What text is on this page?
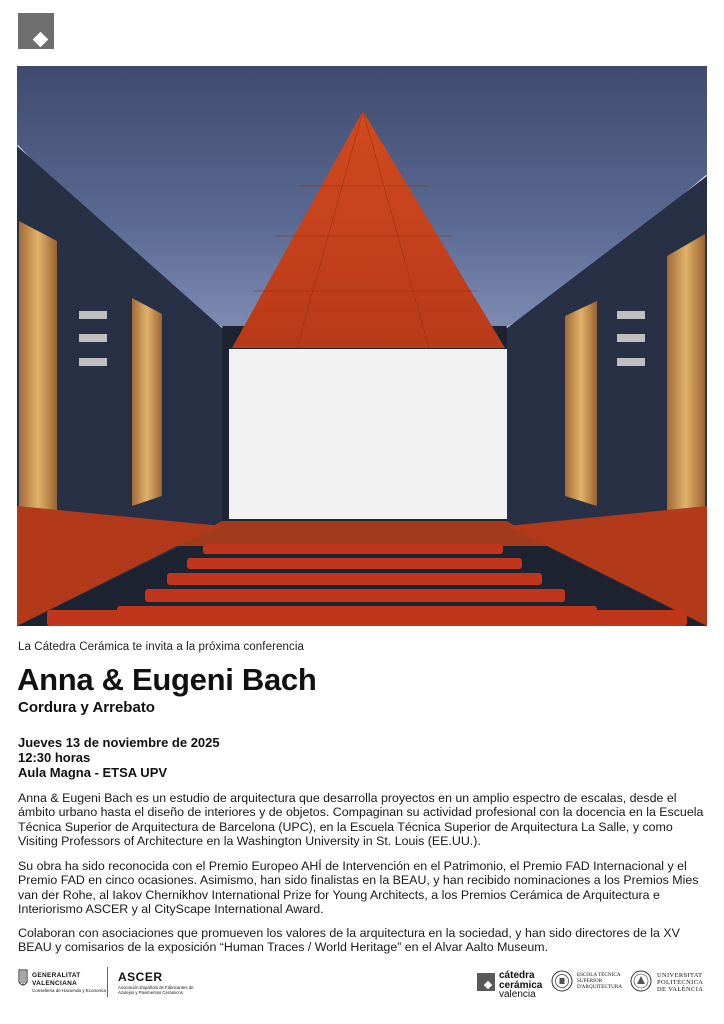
La Cátedra Cerámica te invita a la próxima conferencia
Anna & Eugeni Bach
Cordura y Arrebato
Jueves 13 de noviembre de 2025
12:30 horas
Aula Magna - ETSA UPV

Anna & Eugeni Bach es un estudio de arquitectura que desarrolla proyectos en un amplio espectro de escalas, desde el ámbito urbano hasta el diseño de interiores y de objetos. Compaginan su actividad profesional con la docencia en la Escuela Técnica Superior de Arquitectura de Barcelona (UPC), en la Escuela Técnica Superior de Arquitectura La Salle, y como Visiting Professors of Architecture en la Washington University in St. Louis (EE.UU.).

Su obra ha sido reconocida con el Premio Europeo AHÍ de Intervención en el Patrimonio, el Premio FAD Internacional y el Premio FAD en cinco ocasiones. Asimismo, han sido finalistas en la BEAU, y han recibido nominaciones a los Premios Mies van der Rohe, al Iakov Chernikhov International Prize for Young Architects, a los Premios Cerámica de Arquitectura e Interiorismo ASCER y al CityScape International Award.

Colaboran con asociaciones que promueven los valores de la arquitectura en la sociedad, y han sido directores de la XV BEAU y comisarios de la exposición “Human Traces / World Heritage” en el Alvar Aalto Museum.

GENERALITAT
VALENCIANA
Conselleria de Hacienda y Economía
ASCER
Asociación Española de Fabricantes de Azulejos y Pavimentos Cerámicos
cátedra
cerámica
valencia
ESCOLA TÈCNICA
SUPERIOR
D'ARQUITECTURA
UNIVERSITAT
POLITÈCNICA
DE VALÈNCIA
